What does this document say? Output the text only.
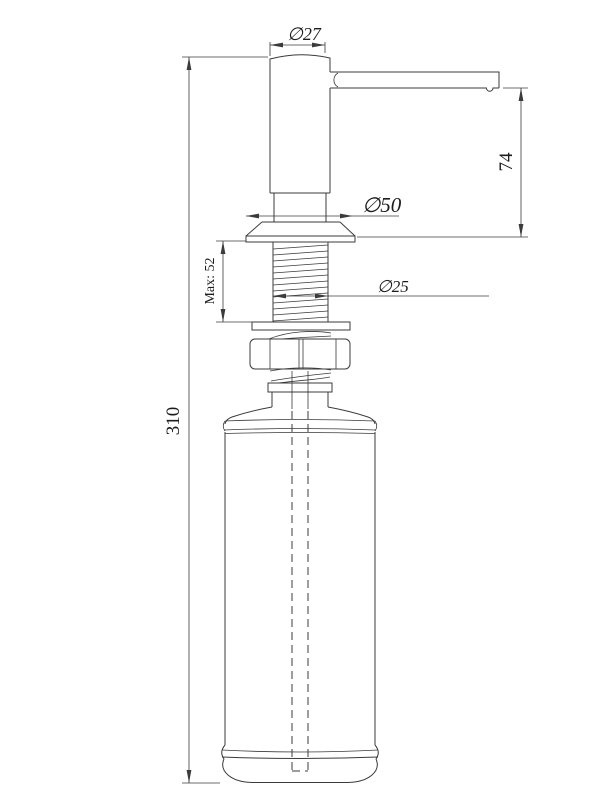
310
∅27
74
∅50
Max: 52	∅25
